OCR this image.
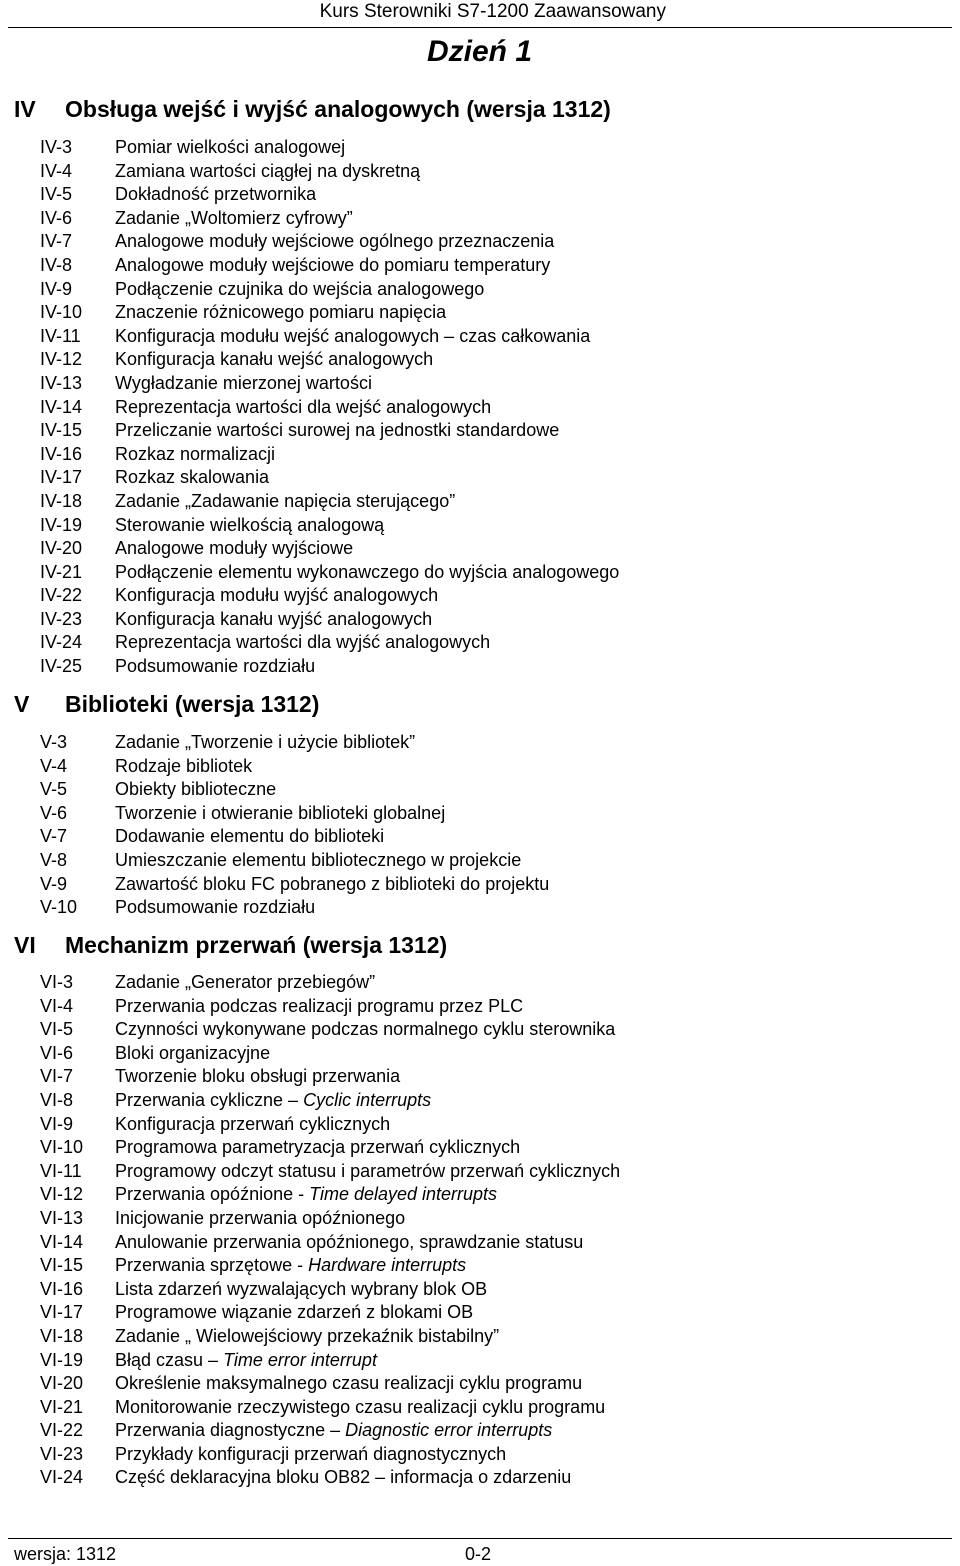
Kurs Sterowniki S7-1200 Zaawansowany
Dzień 1
IV Obsługa wejść i wyjść analogowych (wersja 1312)
IV-3 Pomiar wielkości analogowej
IV-4 Zamiana wartości ciągłej na dyskretną
IV-5 Dokładność przetwornika
IV-6 Zadanie „Woltomierz cyfrowy”
IV-7 Analogowe moduły wejściowe ogólnego przeznaczenia
IV-8 Analogowe moduły wejściowe do pomiaru temperatury
IV-9 Podłączenie czujnika do wejścia analogowego
IV-10 Znaczenie różnicowego pomiaru napięcia
IV-11 Konfiguracja modułu wejść analogowych – czas całkowania
IV-12 Konfiguracja kanału wejść analogowych
IV-13 Wygładzanie mierzonej wartości
IV-14 Reprezentacja wartości dla wejść analogowych
IV-15 Przeliczanie wartości surowej na jednostki standardowe
IV-16 Rozkaz normalizacji
IV-17 Rozkaz skalowania
IV-18 Zadanie „Zadawanie napięcia sterującego”
IV-19 Sterowanie wielkością analogową
IV-20 Analogowe moduły wyjściowe
IV-21 Podłączenie elementu wykonawczego do wyjścia analogowego
IV-22 Konfiguracja modułu wyjść analogowych
IV-23 Konfiguracja kanału wyjść analogowych
IV-24 Reprezentacja wartości dla wyjść analogowych
IV-25 Podsumowanie rozdziału
V Biblioteki (wersja 1312)
V-3	Zadanie „Tworzenie i użycie bibliotek”
V-4	Rodzaje bibliotek
V-5	Obiekty biblioteczne
V-6	Tworzenie i otwieranie biblioteki globalnej
V-7	Dodawanie elementu do biblioteki
V-8	Umieszczanie elementu bibliotecznego w projekcie
V-9	Zawartość bloku FC pobranego z biblioteki do projektu
V-10 Podsumowanie rozdziału
VI Mechanizm przerwań (wersja 1312)
VI-3 Zadanie „Generator przebiegów”
VI-4 Przerwania podczas realizacji programu przez PLC
VI-5 Czynności wykonywane podczas normalnego cyklu sterownika
VI-6 Bloki organizacyjne
VI-7 Tworzenie bloku obsługi przerwania
VI-8 Przerwania cykliczne – Cyclic interrupts
VI-9 Konfiguracja przerwań cyklicznych
VI-10 Programowa parametryzacja przerwań cyklicznych
VI-11 Programowy odczyt statusu i parametrów przerwań cyklicznych
VI-12 Przerwania opóźnione - Time delayed interrupts
VI-13 Inicjowanie przerwania opóźnionego
VI-14 Anulowanie przerwania opóźnionego, sprawdzanie statusu
VI-15 Przerwania sprzętowe - Hardware interrupts
VI-16 Lista zdarzeń wyzwalających wybrany blok OB
VI-17 Programowe wiązanie zdarzeń z blokami OB
VI-18 Zadanie „ Wielowejściowy przekaźnik bistabilny”
VI-19 Błąd czasu – Time error interrupt
VI-20 Określenie maksymalnego czasu realizacji cyklu programu
VI-21 Monitorowanie rzeczywistego czasu realizacji cyklu programu
VI-22 Przerwania diagnostyczne – Diagnostic error interrupts
VI-23 Przykłady konfiguracji przerwań diagnostycznych
VI-24 Część deklaracyjna bloku OB82 – informacja o zdarzeniu
wersja: 1312	0-2
